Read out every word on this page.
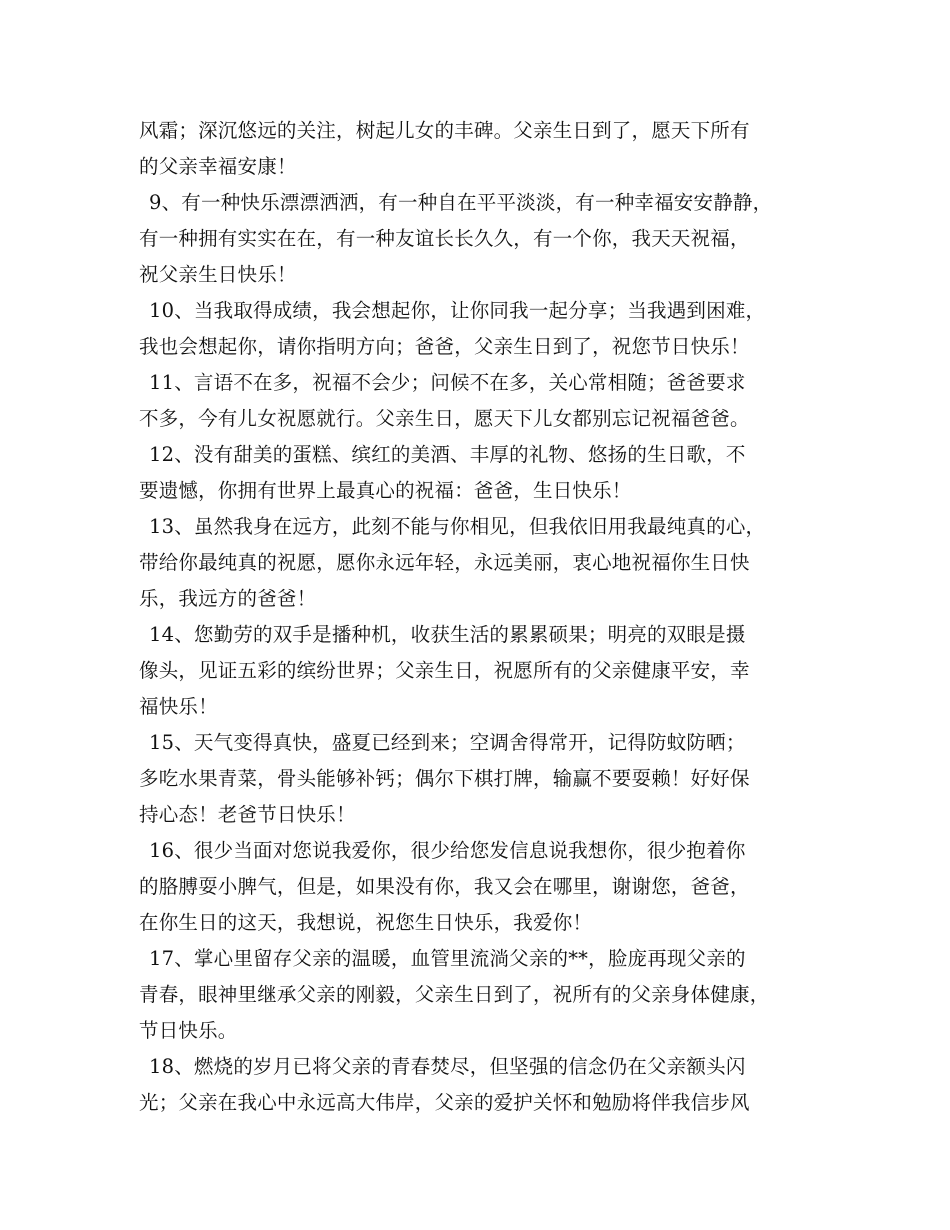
风霜；深沉悠远的关注，树起儿女的丰碑。父亲生日到了，愿天下所有
的父亲幸福安康！
9、有一种快乐漂漂洒洒，有一种自在平平淡淡，有一种幸福安安静静，
有一种拥有实实在在，有一种友谊长长久久，有一个你，我天天祝福，
祝父亲生日快乐！
10、当我取得成绩，我会想起你，让你同我一起分享；当我遇到困难，
我也会想起你，请你指明方向；爸爸，父亲生日到了，祝您节日快乐！
11、言语不在多，祝福不会少；问候不在多，关心常相随；爸爸要求
不多，今有儿女祝愿就行。父亲生日，愿天下儿女都别忘记祝福爸爸。
12、没有甜美的蛋糕、缤红的美酒、丰厚的礼物、悠扬的生日歌，不
要遗憾，你拥有世界上最真心的祝福：爸爸，生日快乐！
13、虽然我身在远方，此刻不能与你相见，但我依旧用我最纯真的心，
带给你最纯真的祝愿，愿你永远年轻，永远美丽，衷心地祝福你生日快
乐，我远方的爸爸！
14、您勤劳的双手是播种机，收获生活的累累硕果；明亮的双眼是摄
像头，见证五彩的缤纷世界；父亲生日，祝愿所有的父亲健康平安，幸
福快乐！
15、天气变得真快，盛夏已经到来；空调舍得常开，记得防蚊防晒；
多吃水果青菜，骨头能够补钙；偶尔下棋打牌，输赢不要耍赖！好好保
持心态！老爸节日快乐！
16、很少当面对您说我爱你，很少给您发信息说我想你，很少抱着你
的胳膊耍小脾气，但是，如果没有你，我又会在哪里，谢谢您，爸爸，
在你生日的这天，我想说，祝您生日快乐，我爱你！
17、掌心里留存父亲的温暖，血管里流淌父亲的**，脸庞再现父亲的
青春，眼神里继承父亲的刚毅，父亲生日到了，祝所有的父亲身体健康，
节日快乐。
18、燃烧的岁月已将父亲的青春焚尽，但坚强的信念仍在父亲额头闪
光；父亲在我心中永远高大伟岸，父亲的爱护关怀和勉励将伴我信步风
